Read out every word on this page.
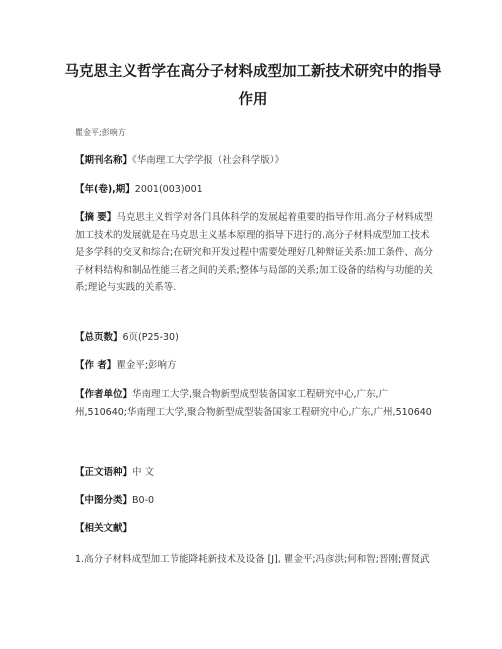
马克思主义哲学在高分子材料成型加工新技术研究中的指导作用
瞿金平;彭响方
【期刊名称】《华南理工大学学报（社会科学版）》
【年(卷),期】2001(003)001
【摘 要】马克思主义哲学对各门具体科学的发展起着重要的指导作用.高分子材料成型加工技术的发展就是在马克思主义基本原理的指导下进行的.高分子材料成型加工技术是多学科的交叉和综合;在研究和开发过程中需要处理好几种辩证关系:加工条件、高分子材料结构和制品性能三者之间的关系;整体与局部的关系;加工设备的结构与功能的关系;理论与实践的关系等.
【总页数】6页(P25-30)
【作 者】瞿金平;彭响方
【作者单位】华南理工大学,聚合物新型成型装备国家工程研究中心,广东,广州,510640;华南理工大学,聚合物新型成型装备国家工程研究中心,广东,广州,510640
【正文语种】中 文
【中图分类】B0-0
【相关文献】
1.高分子材料成型加工节能降耗新技术及设备 [J], 瞿金平;冯彦洪;何和智;晋刚;曹贤武
